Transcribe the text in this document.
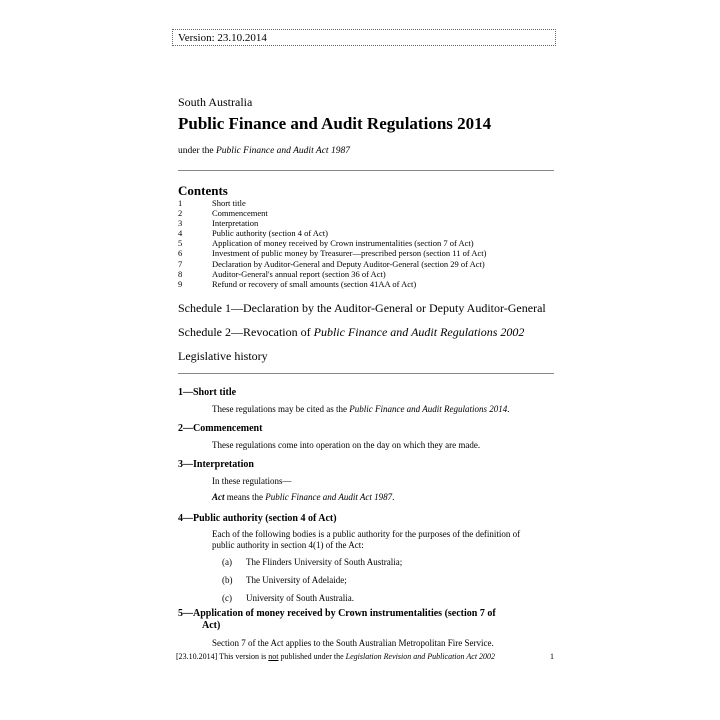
Version: 23.10.2014
South Australia
Public Finance and Audit Regulations 2014
under the Public Finance and Audit Act 1987
Contents
1	Short title
2	Commencement
3	Interpretation
4	Public authority (section 4 of Act)
5	Application of money received by Crown instrumentalities (section 7 of Act)
6	Investment of public money by Treasurer—prescribed person (section 11 of Act)
7	Declaration by Auditor-General and Deputy Auditor-General (section 29 of Act)
8	Auditor-General's annual report (section 36 of Act)
9	Refund or recovery of small amounts (section 41AA of Act)
Schedule 1—Declaration by the Auditor-General or Deputy Auditor-General
Schedule 2—Revocation of Public Finance and Audit Regulations 2002
Legislative history
1—Short title
These regulations may be cited as the Public Finance and Audit Regulations 2014.
2—Commencement
These regulations come into operation on the day on which they are made.
3—Interpretation
In these regulations—
Act means the Public Finance and Audit Act 1987.
4—Public authority (section 4 of Act)
Each of the following bodies is a public authority for the purposes of the definition of
public authority in section 4(1) of the Act:
(a)	The Flinders University of South Australia;
(b)	The University of Adelaide;
(c)	University of South Australia.
5—Application of money received by Crown instrumentalities (section 7 of
Act)
Section 7 of the Act applies to the South Australian Metropolitan Fire Service.
[23.10.2014] This version is not published under the Legislation Revision and Publication Act 2002	1
